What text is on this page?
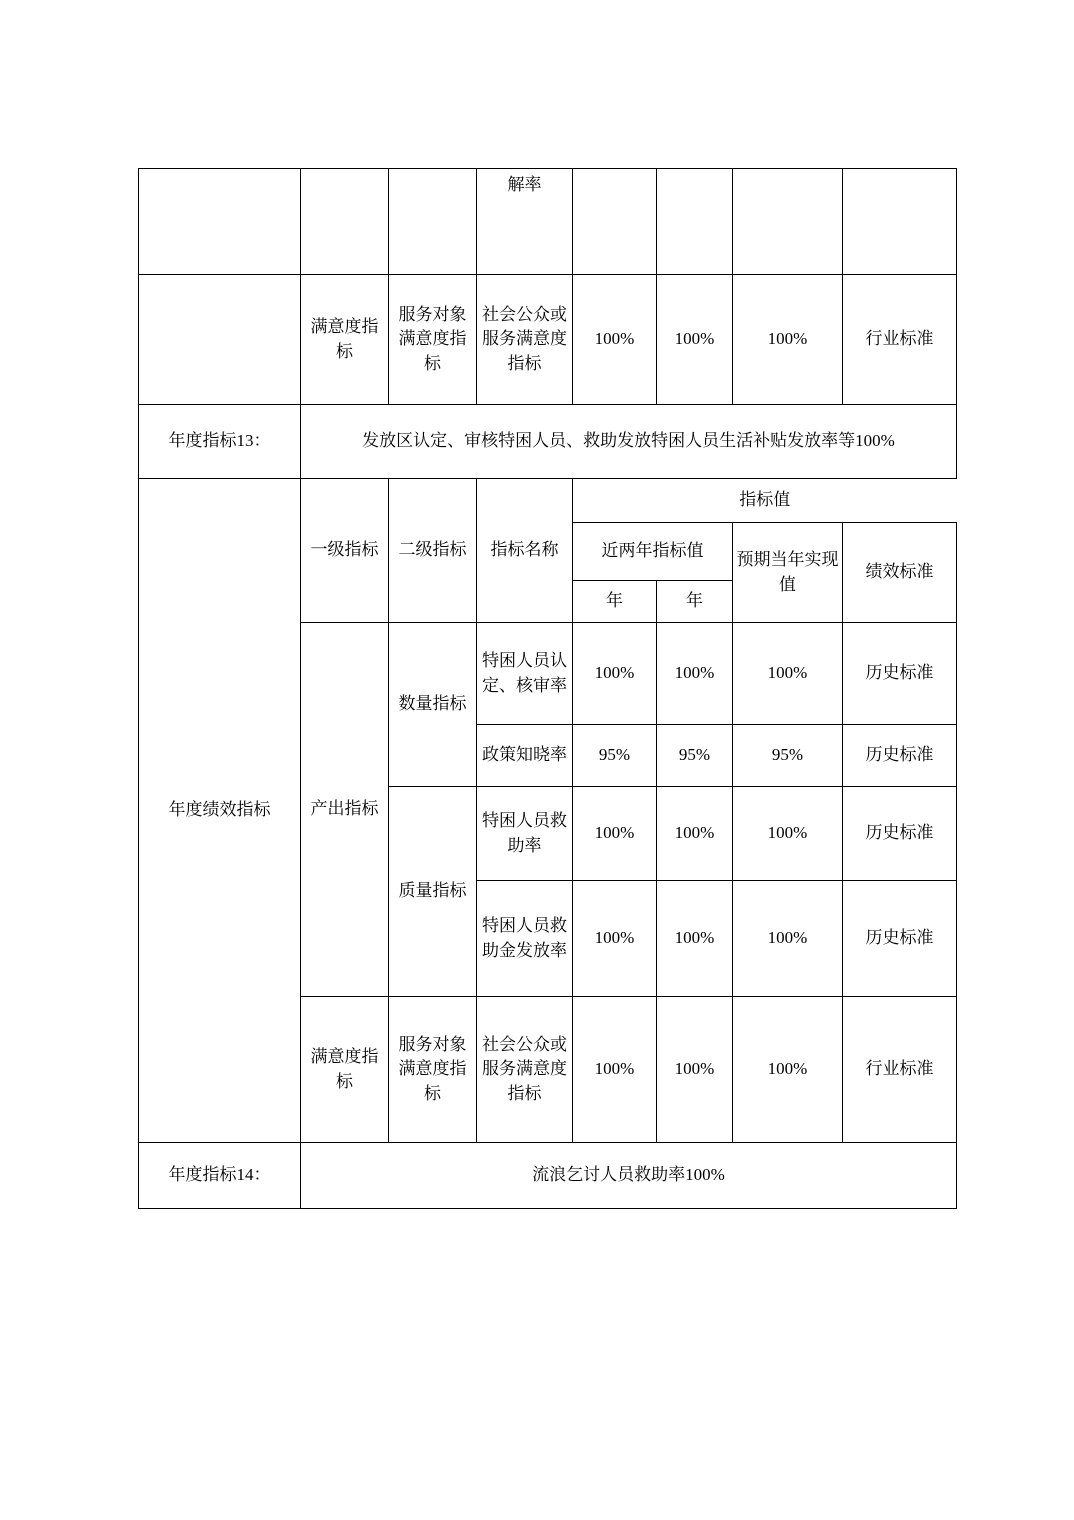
			解率				
	满意度指标	服务对象满意度指标	社会公众或服务满意度指标	100%	100%	100%	行业标准
年度指标13：	发放区认定、审核特困人员、救助发放特困人员生活补贴发放率等100%						
年度绩效指标	一级指标	二级指标	指标名称	指标值			
				近两年指标值		预期当年实现值	绩效标准
				年	年		
	产出指标	数量指标	特困人员认定、核审率	100%	100%	100%	历史标准
			政策知晓率	95%	95%	95%	历史标准
		质量指标	特困人员救助率	100%	100%	100%	历史标准
			特困人员救助金发放率	100%	100%	100%	历史标准
	满意度指标	服务对象满意度指标	社会公众或服务满意度指标	100%	100%	100%	行业标准
年度指标14：	流浪乞讨人员救助率100%						
